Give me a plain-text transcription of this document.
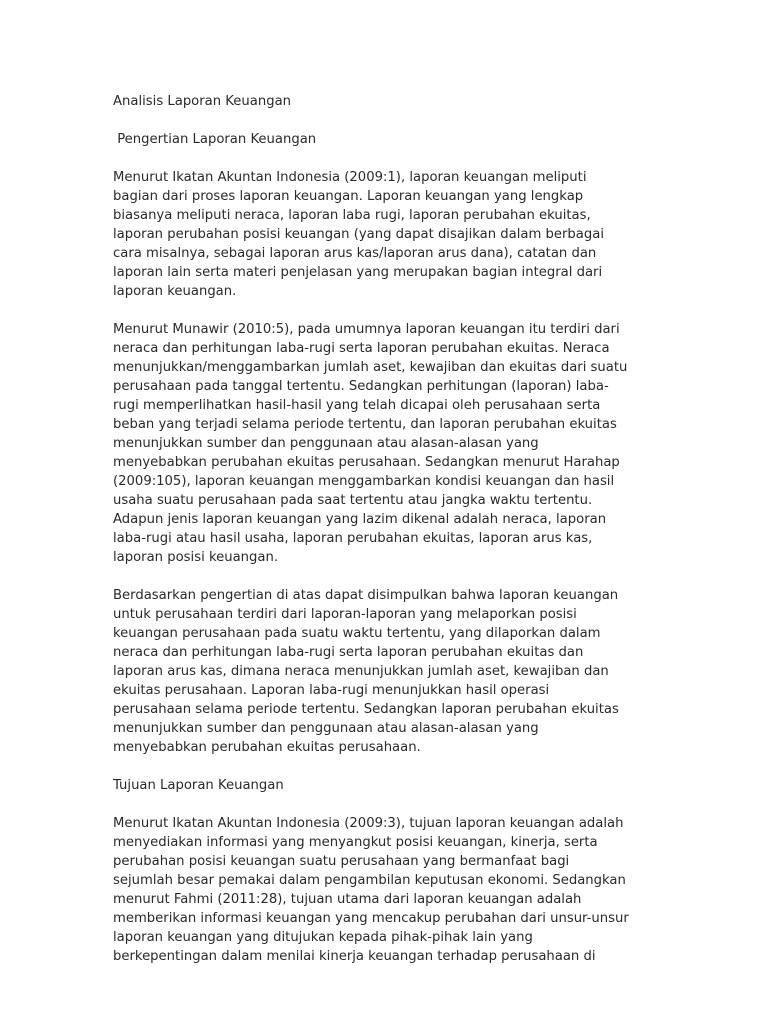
Analisis Laporan Keuangan
Pengertian Laporan Keuangan
Menurut Ikatan Akuntan Indonesia (2009:1), laporan keuangan meliputi
bagian dari proses laporan keuangan. Laporan keuangan yang lengkap
biasanya meliputi neraca, laporan laba rugi, laporan perubahan ekuitas,
laporan perubahan posisi keuangan (yang dapat disajikan dalam berbagai
cara misalnya, sebagai laporan arus kas/laporan arus dana), catatan dan
laporan lain serta materi penjelasan yang merupakan bagian integral dari
laporan keuangan.
Menurut Munawir (2010:5), pada umumnya laporan keuangan itu terdiri dari
neraca dan perhitungan laba-rugi serta laporan perubahan ekuitas. Neraca
menunjukkan/menggambarkan jumlah aset, kewajiban dan ekuitas dari suatu
perusahaan pada tanggal tertentu. Sedangkan perhitungan (laporan) laba-
rugi memperlihatkan hasil-hasil yang telah dicapai oleh perusahaan serta
beban yang terjadi selama periode tertentu, dan laporan perubahan ekuitas
menunjukkan sumber dan penggunaan atau alasan-alasan yang
menyebabkan perubahan ekuitas perusahaan. Sedangkan menurut Harahap
(2009:105), laporan keuangan menggambarkan kondisi keuangan dan hasil
usaha suatu perusahaan pada saat tertentu atau jangka waktu tertentu.
Adapun jenis laporan keuangan yang lazim dikenal adalah neraca, laporan
laba-rugi atau hasil usaha, laporan perubahan ekuitas, laporan arus kas,
laporan posisi keuangan.
Berdasarkan pengertian di atas dapat disimpulkan bahwa laporan keuangan
untuk perusahaan terdiri dari laporan-laporan yang melaporkan posisi
keuangan perusahaan pada suatu waktu tertentu, yang dilaporkan dalam
neraca dan perhitungan laba-rugi serta laporan perubahan ekuitas dan
laporan arus kas, dimana neraca menunjukkan jumlah aset, kewajiban dan
ekuitas perusahaan. Laporan laba-rugi menunjukkan hasil operasi
perusahaan selama periode tertentu. Sedangkan laporan perubahan ekuitas
menunjukkan sumber dan penggunaan atau alasan-alasan yang
menyebabkan perubahan ekuitas perusahaan.
Tujuan Laporan Keuangan
Menurut Ikatan Akuntan Indonesia (2009:3), tujuan laporan keuangan adalah
menyediakan informasi yang menyangkut posisi keuangan, kinerja, serta
perubahan posisi keuangan suatu perusahaan yang bermanfaat bagi
sejumlah besar pemakai dalam pengambilan keputusan ekonomi. Sedangkan
menurut Fahmi (2011:28), tujuan utama dari laporan keuangan adalah
memberikan informasi keuangan yang mencakup perubahan dari unsur-unsur
laporan keuangan yang ditujukan kepada pihak-pihak lain yang
berkepentingan dalam menilai kinerja keuangan terhadap perusahaan di
